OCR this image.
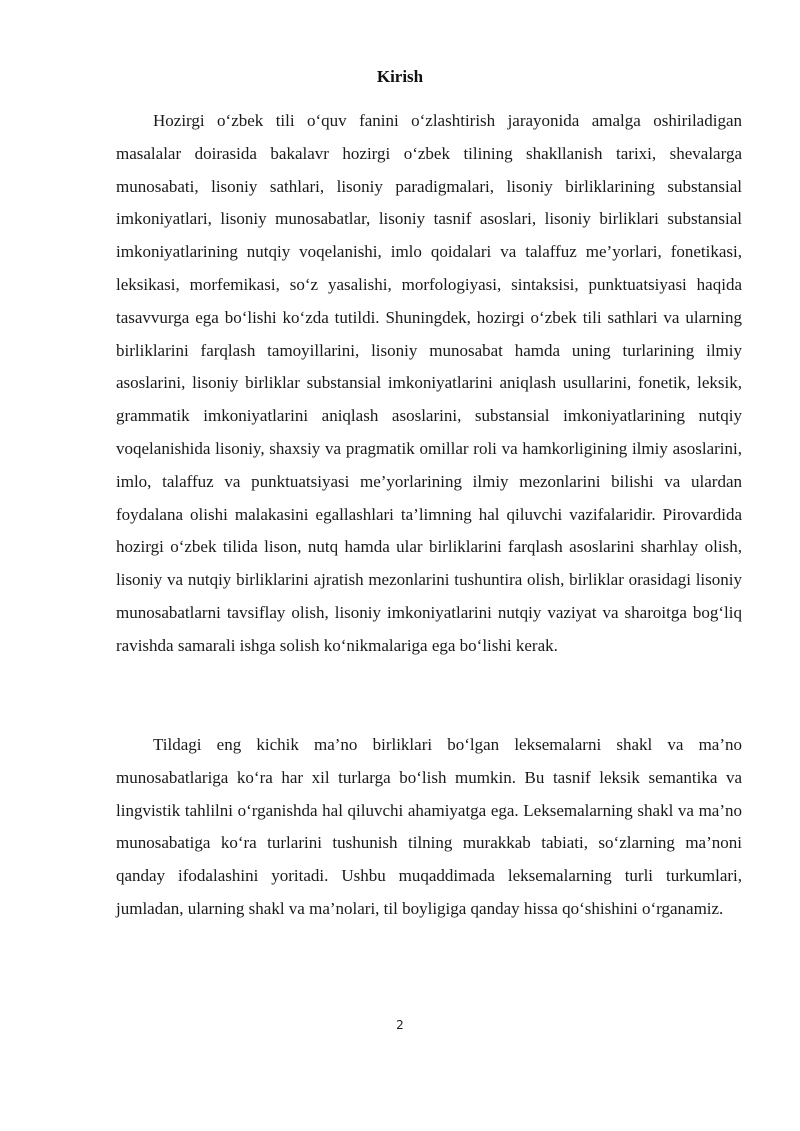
Kirish

Hozirgi o‘zbek tili o‘quv fanini o‘zlashtirish jarayonida amalga oshiriladigan masalalar doirasida bakalavr hozirgi o‘zbek tilining shakllanish tarixi, shevalarga munosabati, lisoniy sathlari, lisoniy paradigmalari, lisoniy birliklarining substansial imkoniyatlari, lisoniy munosabatlar, lisoniy tasnif asoslari, lisoniy birliklari substansial imkoniyatlarining nutqiy voqelanishi, imlo qoidalari va talaffuz me’yorlari, fonetikasi, leksikasi, morfemikasi, so‘z yasalishi, morfologiyasi, sintaksisi, punktuatsiyasi haqida tasavvurga ega bo‘lishi ko‘zda tutildi. Shuningdek, hozirgi o‘zbek tili sathlari va ularning birliklarini farqlash tamoyillarini, lisoniy munosabat hamda uning turlarining ilmiy asoslarini, lisoniy birliklar substansial imkoniyatlarini aniqlash usullarini, fonetik, leksik, grammatik imkoniyatlarini aniqlash asoslarini, substansial imkoniyatlarining nutqiy voqelanishida lisoniy, shaxsiy va pragmatik omillar roli va hamkorligining ilmiy asoslarini, imlo, talaffuz va punktuatsiyasi me’yorlarining ilmiy mezonlarini bilishi va ulardan foydalana olishi malakasini egallashlari ta’limning hal qiluvchi vazifalaridir. Pirovardida hozirgi o‘zbek tilida lison, nutq hamda ular birliklarini farqlash asoslarini sharhlay olish, lisoniy va nutqiy birliklarini ajratish mezonlarini tushuntira olish, birliklar orasidagi lisoniy munosabatlarni tavsiflay olish, lisoniy imkoniyatlarini nutqiy vaziyat va sharoitga bog‘liq ravishda samarali ishga solish ko‘nikmalariga ega bo‘lishi kerak.

Tildagi eng kichik ma’no birliklari bo‘lgan leksemalarni shakl va ma’no munosabatlariga ko‘ra har xil turlarga bo‘lish mumkin. Bu tasnif leksik semantika va lingvistik tahlilni o‘rganishda hal qiluvchi ahamiyatga ega. Leksemalarning shakl va ma’no munosabatiga ko‘ra turlarini tushunish tilning murakkab tabiati, so‘zlarning ma’noni qanday ifodalashini yoritadi. Ushbu muqaddimada leksemalarning turli turkumlari, jumladan, ularning shakl va ma’nolari, til boyligiga qanday hissa qo‘shishini o‘rganamiz.

2
